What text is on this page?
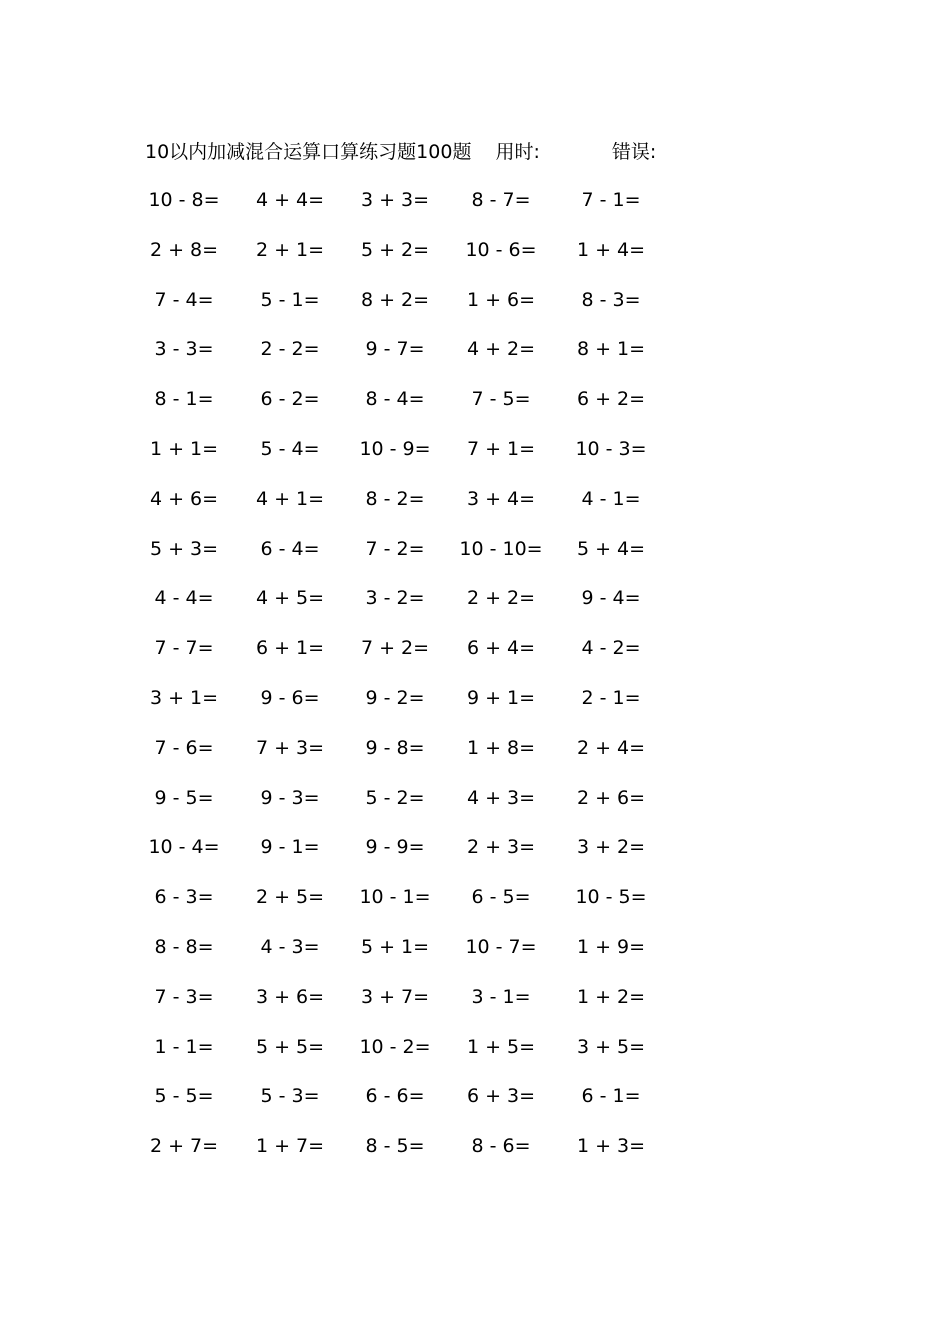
10以内加减混合运算口算练习题100题 用时:	错误:
10 - 8=	4 + 4=	3 + 3=	8 - 7=	7 - 1=
2 + 8=	2 + 1=	5 + 2=	10 - 6=	1 + 4=
7 - 4=	5 - 1=	8 + 2=	1 + 6=	8 - 3=
3 - 3=	2 - 2=	9 - 7=	4 + 2=	8 + 1=
8 - 1=	6 - 2=	8 - 4=	7 - 5=	6 + 2=
1 + 1=	5 - 4=	10 - 9=	7 + 1=	10 - 3=
4 + 6=	4 + 1=	8 - 2=	3 + 4=	4 - 1=
5 + 3=	6 - 4=	7 - 2=	10 - 10=	5 + 4=
4 - 4=	4 + 5=	3 - 2=	2 + 2=	9 - 4=
7 - 7=	6 + 1=	7 + 2=	6 + 4=	4 - 2=
3 + 1=	9 - 6=	9 - 2=	9 + 1=	2 - 1=
7 - 6=	7 + 3=	9 - 8=	1 + 8=	2 + 4=
9 - 5=	9 - 3=	5 - 2=	4 + 3=	2 + 6=
10 - 4=	9 - 1=	9 - 9=	2 + 3=	3 + 2=
6 - 3=	2 + 5=	10 - 1=	6 - 5=	10 - 5=
8 - 8=	4 - 3=	5 + 1=	10 - 7=	1 + 9=
7 - 3=	3 + 6=	3 + 7=	3 - 1=	1 + 2=
1 - 1=	5 + 5=	10 - 2=	1 + 5=	3 + 5=
5 - 5=	5 - 3=	6 - 6=	6 + 3=	6 - 1=
2 + 7=	1 + 7=	8 - 5=	8 - 6=	1 + 3=
